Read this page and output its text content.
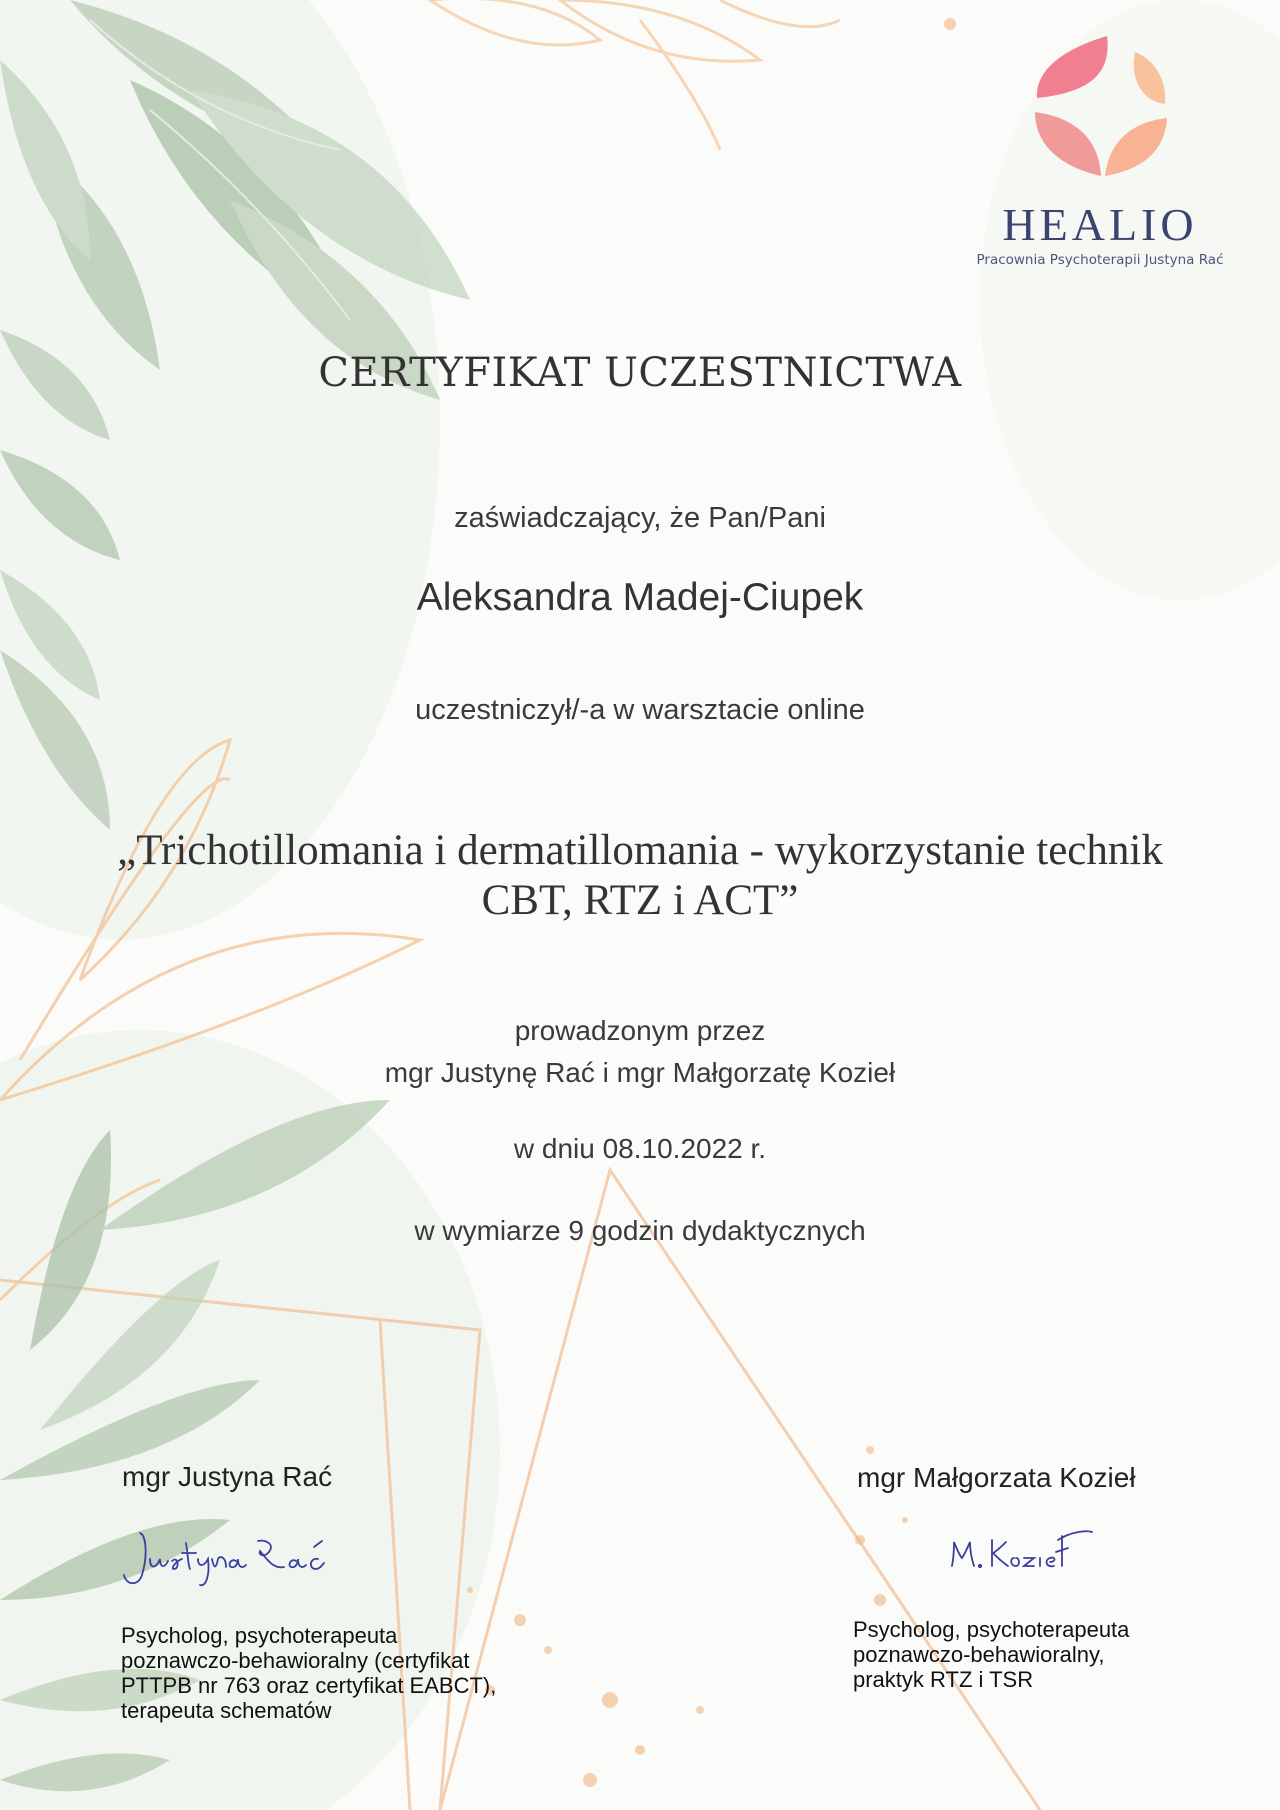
HEALIO
Pracownia Psychoterapii Justyna Rać
CERTYFIKAT UCZESTNICTWA
zaświadczający, że Pan/Pani
Aleksandra Madej-Ciupek
uczestniczył/-a w warsztacie online
„Trichotillomania i dermatillomania - wykorzystanie technik
CBT, RTZ i ACT”
prowadzonym przez
mgr Justynę Rać i mgr Małgorzatę Kozieł
w dniu 08.10.2022 r.
w wymiarze 9 godzin dydaktycznych
mgr Justyna Rać
Psycholog, psychoterapeuta
poznawczo-behawioralny (certyfikat
PTTPB nr 763 oraz certyfikat EABCT),
terapeuta schematów
mgr Małgorzata Kozieł
Psycholog, psychoterapeuta
poznawczo-behawioralny,
praktyk RTZ i TSR
